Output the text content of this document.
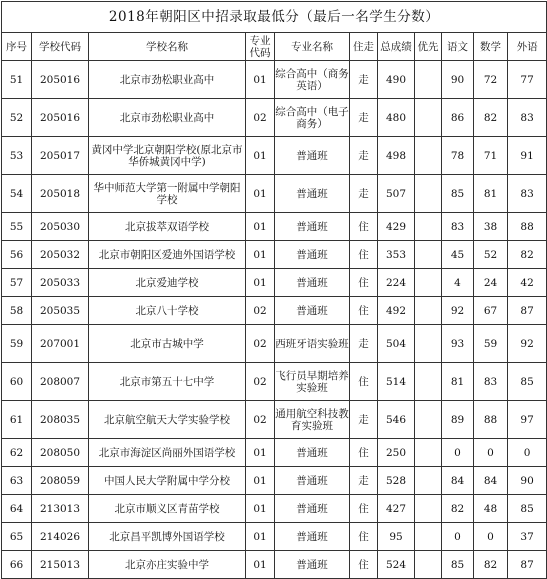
2018年朝阳区中招录取最低分（最后一名学生分数）										
序号	学校代码	学校名称	专业代码	专业名称	住走	总成绩	优先	语文	数学	外语
51	205016	北京市劲松职业高中	01	综合高中（商务英语）	走	490		90	72	77
52	205016	北京市劲松职业高中	02	综合高中（电子商务）	走	480		86	82	83
53	205017	黄冈中学北京朝阳学校(原北京市华侨城黄冈中学)	01	普通班	走	498		78	71	91
54	205018	华中师范大学第一附属中学朝阳学校	01	普通班	走	507		85	81	83
55	205030	北京拔萃双语学校	01	普通班	住	429		83	38	88
56	205032	北京市朝阳区爱迪外国语学校	01	普通班	住	353		45	52	82
57	205033	北京爱迪学校	01	普通班	住	224		4	24	42
58	205035	北京八十学校	02	普通班	住	492		92	67	87
59	207001	北京市古城中学	02	西班牙语实验班	走	504		93	59	92
60	208007	北京市第五十七中学	02	飞行员早期培养实验班	住	514		81	83	85
61	208035	北京航空航天大学实验学校	02	通用航空科技教育实验班	走	546		89	88	97
62	208050	北京市海淀区尚丽外国语学校	01	普通班	住	250		0	0	0
63	208059	中国人民大学附属中学分校	01	普通班	走	528		84	84	90
64	213013	北京市顺义区青苗学校	01	普通班	住	427		82	48	85
65	214026	北京昌平凯博外国语学校	01	普通班	住	95		0	0	37
66	215013	北京亦庄实验中学	01	普通班	住	524		85	82	87
